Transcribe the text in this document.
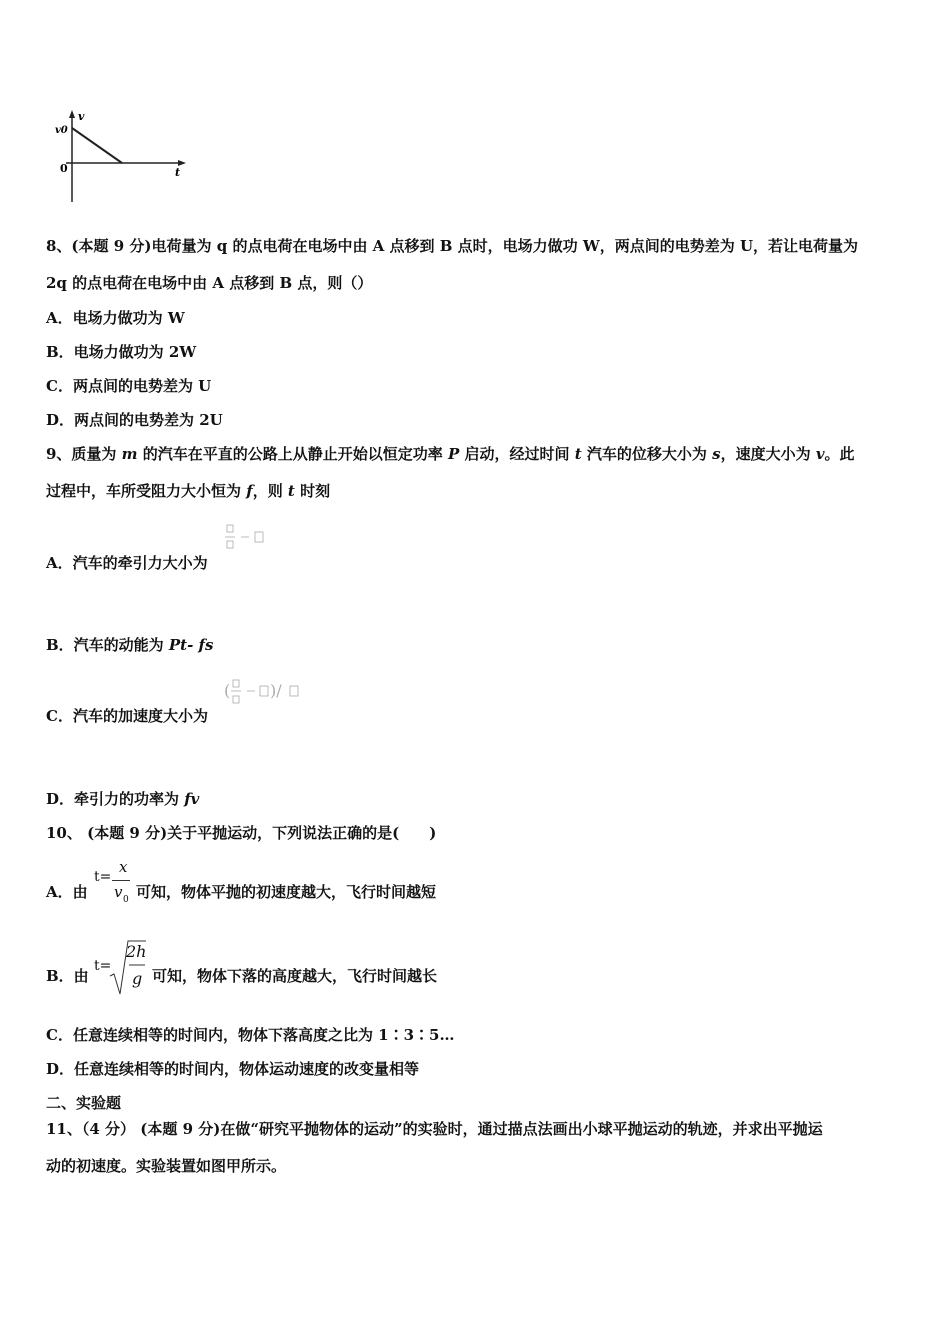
v
v0
0	t
8、(本题 9 分)电荷量为 q 的点电荷在电场中由 A 点移到 B 点时，电场力做功 W，两点间的电势差为 U，若让电荷量为
2q 的点电荷在电场中由 A 点移到 B 点，则（）
A．电场力做功为 W
B．电场力做功为 2W
C．两点间的电势差为 U
D．两点间的电势差为 2U
9、质量为 m 的汽车在平直的公路上从静止开始以恒定功率 P 启动，经过时间 t 汽车的位移大小为 s，速度大小为 v。此
过程中，车所受阻力大小恒为 f，则 t 时刻
A．汽车的牵引力大小为
B．汽车的动能为 Pt- fs
C．汽车的加速度大小为
( )/
D．牵引力的功率为 fv
10、 (本题 9 分)关于平抛运动，下列说法正确的是(　　)
A．由
t=
x
v 0 可知，物体平抛的初速度越大，飞行时间越短
B．由
t=
2h
g 可知，物体下落的高度越大，飞行时间越长
C．任意连续相等的时间内，物体下落高度之比为 1∶3∶5…
D．任意连续相等的时间内，物体运动速度的改变量相等
二、实验题
11、（4 分） (本题 9 分)在做“研究平抛物体的运动”的实验时，通过描点法画出小球平抛运动的轨迹，并求出平抛运
动的初速度。实验装置如图甲所示。
